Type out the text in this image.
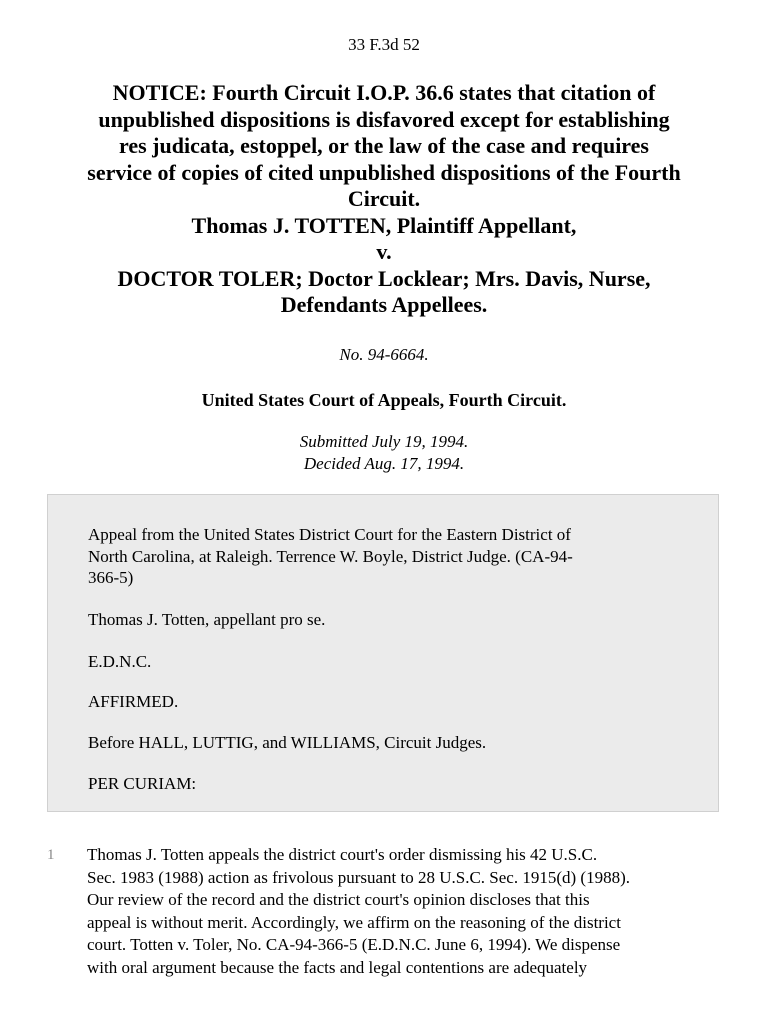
33 F.3d 52
NOTICE: Fourth Circuit I.O.P. 36.6 states that citation of
unpublished dispositions is disfavored except for establishing
res judicata, estoppel, or the law of the case and requires
service of copies of cited unpublished dispositions of the Fourth
Circuit.
Thomas J. TOTTEN, Plaintiff Appellant,
v.
DOCTOR TOLER; Doctor Locklear; Mrs. Davis, Nurse,
Defendants Appellees.
No. 94-6664.
United States Court of Appeals, Fourth Circuit.
Submitted July 19, 1994.
Decided Aug. 17, 1994.
Appeal from the United States District Court for the Eastern District of
North Carolina, at Raleigh. Terrence W. Boyle, District Judge. (CA-94-
366-5)
Thomas J. Totten, appellant pro se.
E.D.N.C.
AFFIRMED.
Before HALL, LUTTIG, and WILLIAMS, Circuit Judges.
PER CURIAM:
1 Thomas J. Totten appeals the district court's order dismissing his 42 U.S.C.
Sec. 1983 (1988) action as frivolous pursuant to 28 U.S.C. Sec. 1915(d) (1988).
Our review of the record and the district court's opinion discloses that this
appeal is without merit. Accordingly, we affirm on the reasoning of the district
court. Totten v. Toler, No. CA-94-366-5 (E.D.N.C. June 6, 1994). We dispense
with oral argument because the facts and legal contentions are adequately
